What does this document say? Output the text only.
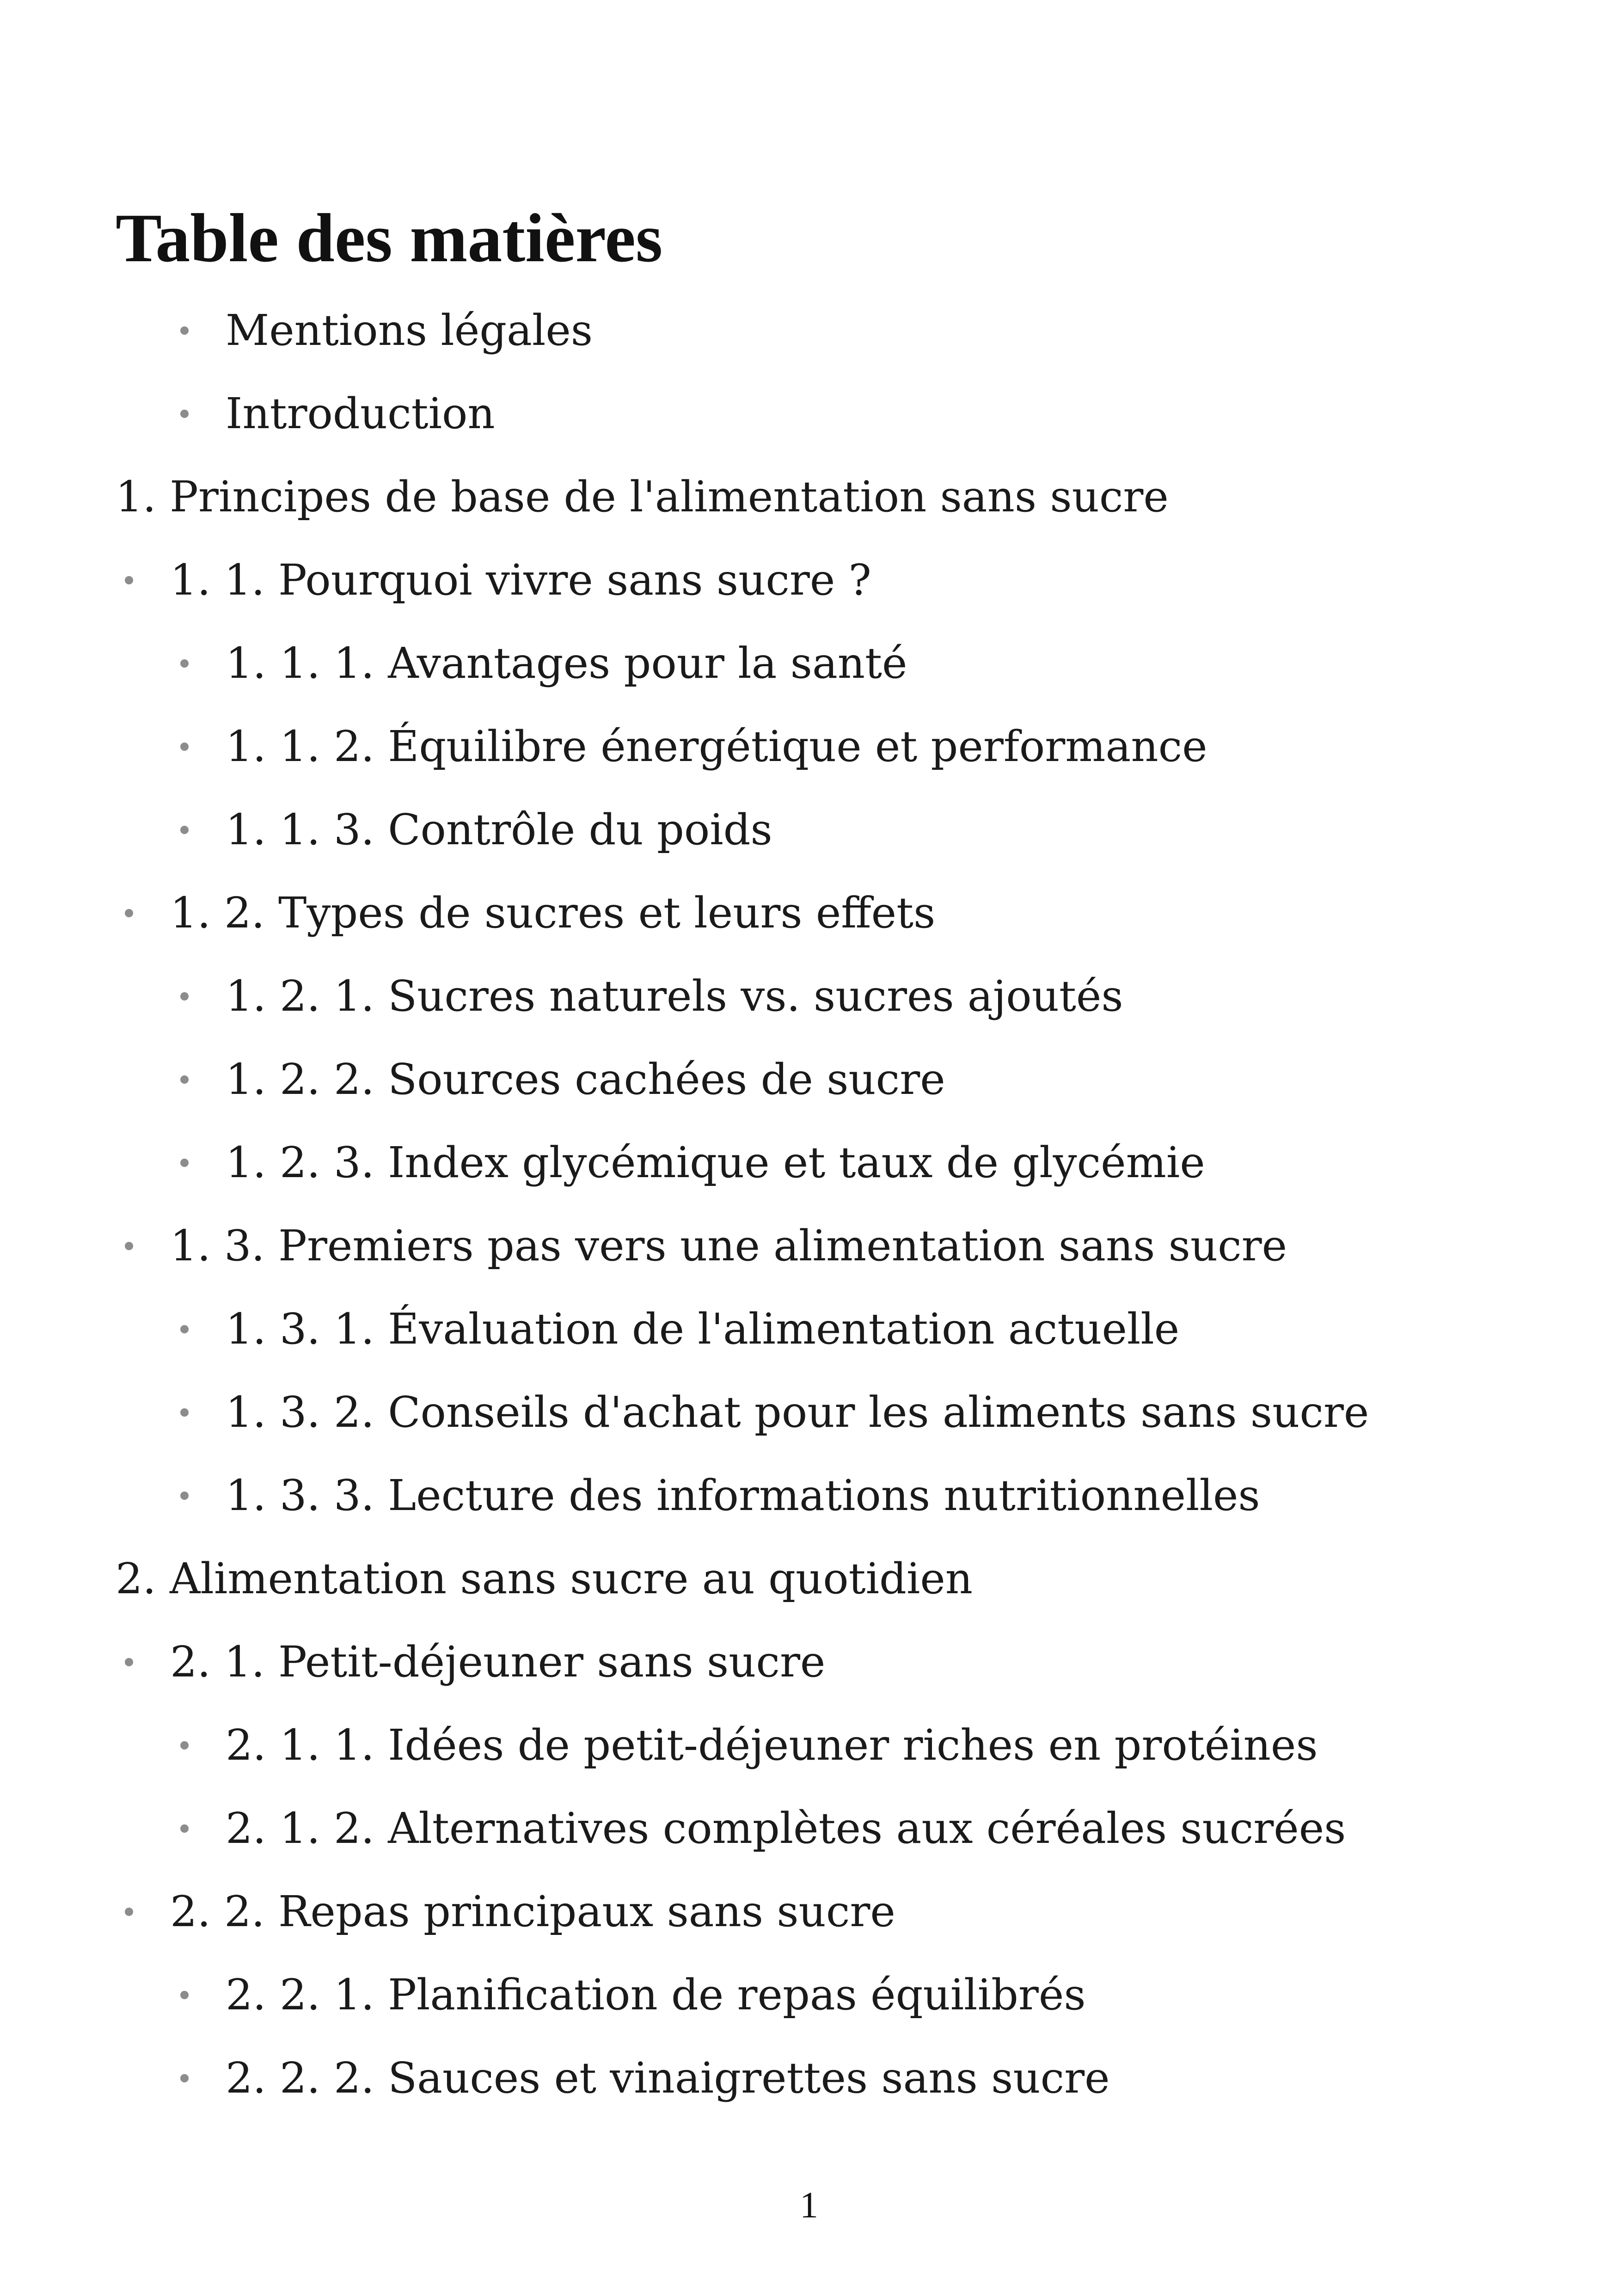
Table des matières
Mentions légales
Introduction
1. Principes de base de l'alimentation sans sucre
1. 1. Pourquoi vivre sans sucre ?
1. 1. 1. Avantages pour la santé
1. 1. 2. Équilibre énergétique et performance
1. 1. 3. Contrôle du poids
1. 2. Types de sucres et leurs effets
1. 2. 1. Sucres naturels vs. sucres ajoutés
1. 2. 2. Sources cachées de sucre
1. 2. 3. Index glycémique et taux de glycémie
1. 3. Premiers pas vers une alimentation sans sucre
1. 3. 1. Évaluation de l'alimentation actuelle
1. 3. 2. Conseils d'achat pour les aliments sans sucre
1. 3. 3. Lecture des informations nutritionnelles
2. Alimentation sans sucre au quotidien
2. 1. Petit-déjeuner sans sucre
2. 1. 1. Idées de petit-déjeuner riches en protéines
2. 1. 2. Alternatives complètes aux céréales sucrées
2. 2. Repas principaux sans sucre
2. 2. 1. Planification de repas équilibrés
2. 2. 2. Sauces et vinaigrettes sans sucre
1
